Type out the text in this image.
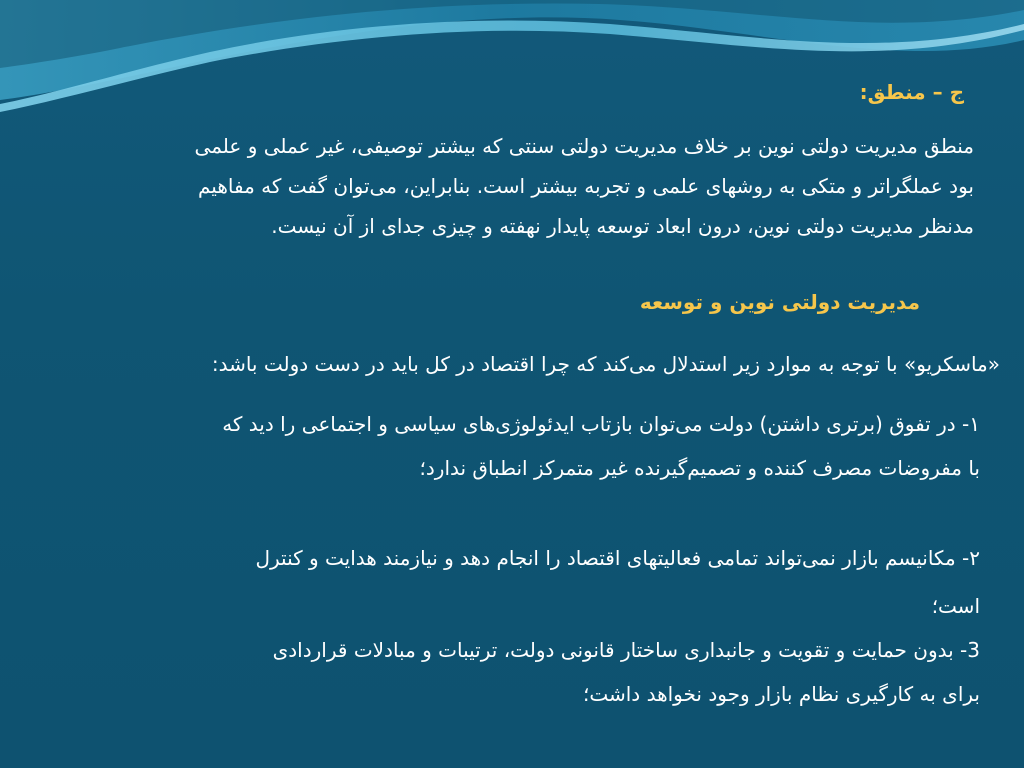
ج – منطق:
منطق مدیریت دولتی نوین بر خلاف مدیریت دولتی سنتی که بیشتر توصیفی، غیر عملی و علمی
بود عملگراتر و متکی به روشهای علمی و تجربه بیشتر است. بنابراین، می‌توان گفت که مفاهیم
مدنظر مدیریت دولتی نوین، درون ابعاد توسعه پایدار نهفته و چیزی جدای از آن نیست.
مدیریت دولتی نوین و توسعه
«ماسکریو» با توجه به موارد زیر استدلال می‌کند که چرا اقتصاد در کل باید در دست دولت باشد:
۱- در تفوق (برتری داشتن) دولت می‌توان بازتاب ایدئولوژی‌های سیاسی و اجتماعی را دید که
با مفروضات مصرف کننده و تصمیم‌گیرنده غیر متمرکز انطباق ندارد؛
۲- مکانیسم بازار نمی‌تواند تمامی فعالیتهای اقتصاد را انجام دهد و نیازمند هدایت و کنترل
است؛
3- بدون حمایت و تقویت و جانبداری ساختار قانونی دولت، ترتیبات و مبادلات قراردادی
برای به کارگیری نظام بازار وجود نخواهد داشت؛
